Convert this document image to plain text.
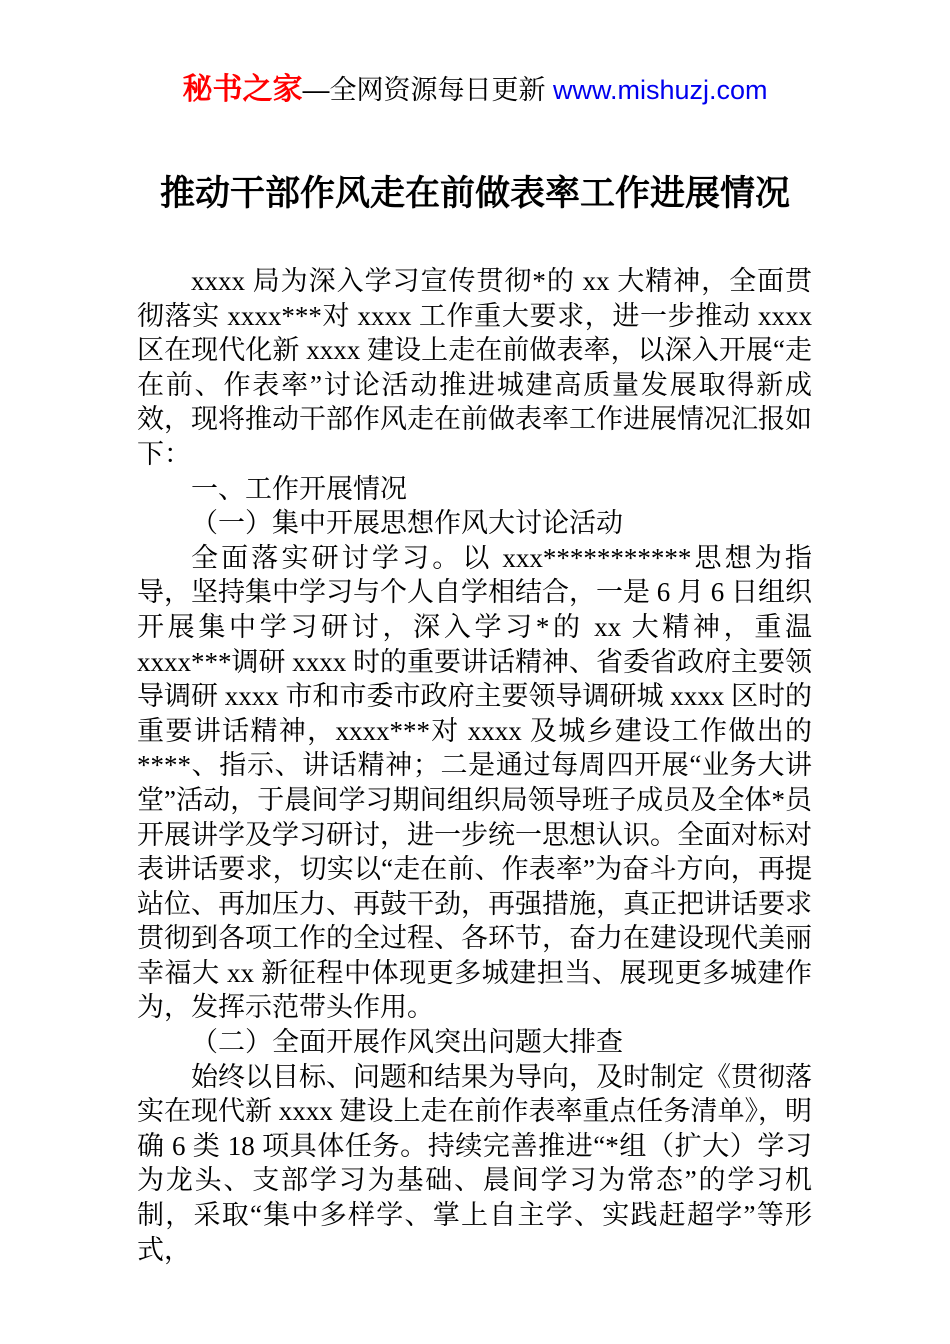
秘书之家—全网资源每日更新 www.mishuzj.com
推动干部作风走在前做表率工作进展情况

xxxx 局为深入学习宣传贯彻*的 xx 大精神，全面贯彻落实 xxxx***对 xxxx 工作重大要求，进一步推动 xxxx 区在现代化新 xxxx 建设上走在前做表率，以深入开展“走在前、作表率”讨论活动推进城建高质量发展取得新成效，现将推动干部作风走在前做表率工作进展情况汇报如下：

一、工作开展情况

（一）集中开展思想作风大讨论活动

全面落实研讨学习。以 xxx***********思想为指导，坚持集中学习与个人自学相结合，一是 6 月 6 日组织开展集中学习研讨，深入学习*的 xx 大精神，重温 xxxx***调研 xxxx 时的重要讲话精神、省委省政府主要领导调研 xxxx 市和市委市政府主要领导调研城 xxxx 区时的重要讲话精神，xxxx***对 xxxx 及城乡建设工作做出的****、指示、讲话精神；二是通过每周四开展“业务大讲堂”活动，于晨间学习期间组织局领导班子成员及全体*员开展讲学及学习研讨，进一步统一思想认识。全面对标对表讲话要求，切实以“走在前、作表率”为奋斗方向，再提站位、再加压力、再鼓干劲，再强措施，真正把讲话要求贯彻到各项工作的全过程、各环节，奋力在建设现代美丽幸福大 xx 新征程中体现更多城建担当、展现更多城建作为，发挥示范带头作用。

（二）全面开展作风突出问题大排查

始终以目标、问题和结果为导向，及时制定《贯彻落实在现代新 xxxx 建设上走在前作表率重点任务清单》，明确 6 类 18 项具体任务。持续完善推进“*组（扩大）学习为龙头、支部学习为基础、晨间学习为常态”的学习机制，采取“集中多样学、掌上自主学、实践赶超学”等形式，
